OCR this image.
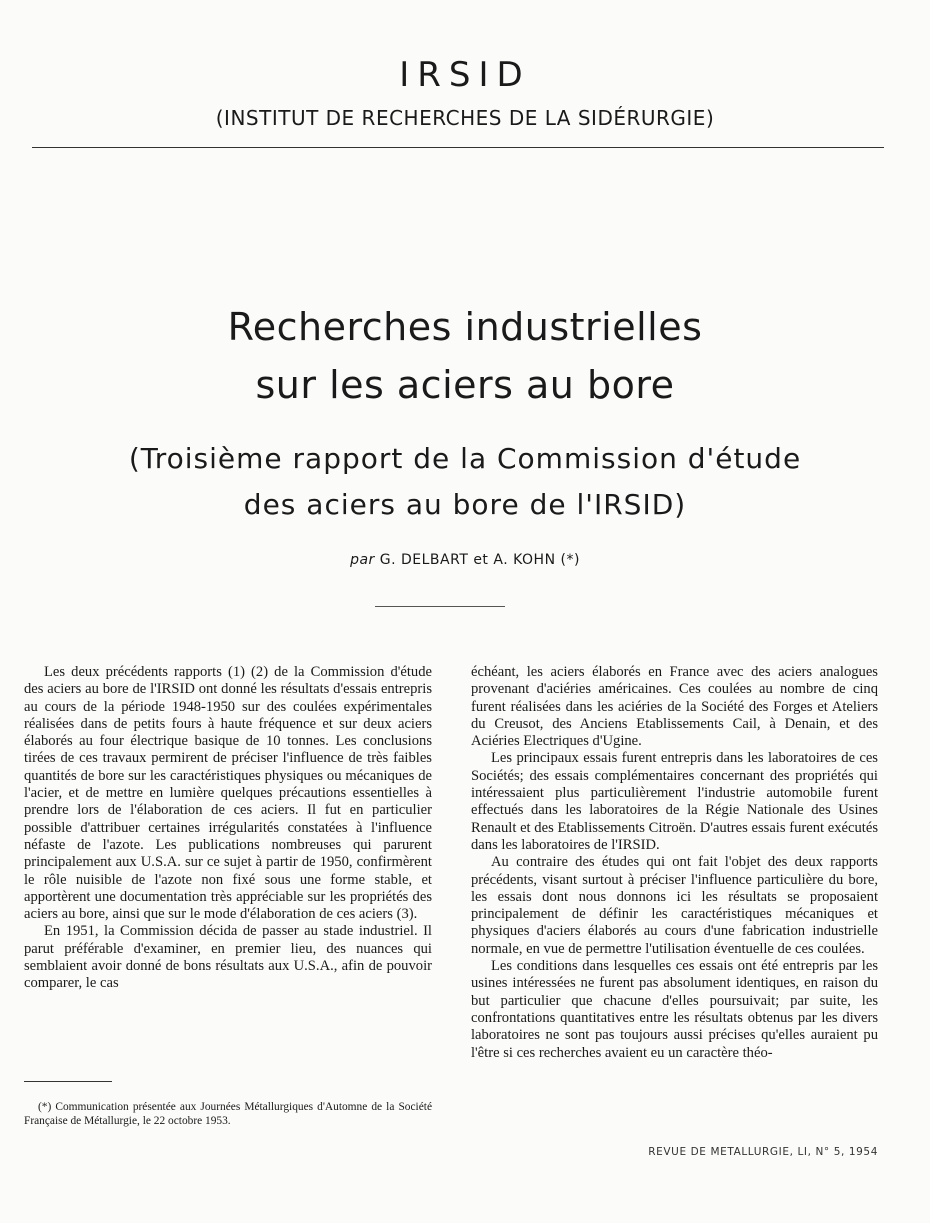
IRSID
(INSTITUT DE RECHERCHES DE LA SIDÉRURGIE)
Recherches industrielles
sur les aciers au bore
(Troisième rapport de la Commission d'étude
des aciers au bore de l'IRSID)
par G. DELBART et A. KOHN (*)

Les deux précédents rapports (1) (2) de la Commission d'étude des aciers au bore de l'IRSID ont donné les résultats d'essais entrepris au cours de la période 1948-1950 sur des coulées expérimentales réalisées dans de petits fours à haute fréquence et sur deux aciers élaborés au four électrique basique de 10 tonnes. Les conclusions tirées de ces travaux permirent de préciser l'influence de très faibles quantités de bore sur les caractéristiques physiques ou mécaniques de l'acier, et de mettre en lumière quelques précautions essentielles à prendre lors de l'élaboration de ces aciers. Il fut en particulier possible d'attribuer certaines irrégularités constatées à l'influence néfaste de l'azote. Les publications nombreuses qui parurent principalement aux U.S.A. sur ce sujet à partir de 1950, confirmèrent le rôle nuisible de l'azote non fixé sous une forme stable, et apportèrent une documentation très appréciable sur les propriétés des aciers au bore, ainsi que sur le mode d'élaboration de ces aciers (3).

En 1951, la Commission décida de passer au stade industriel. Il parut préférable d'examiner, en premier lieu, des nuances qui semblaient avoir donné de bons résultats aux U.S.A., afin de pouvoir comparer, le cas

échéant, les aciers élaborés en France avec des aciers analogues provenant d'aciéries américaines. Ces coulées au nombre de cinq furent réalisées dans les aciéries de la Société des Forges et Ateliers du Creusot, des Anciens Etablissements Cail, à Denain, et des Aciéries Electriques d'Ugine.

Les principaux essais furent entrepris dans les laboratoires de ces Sociétés; des essais complémentaires concernant des propriétés qui intéressaient plus particulièrement l'industrie automobile furent effectués dans les laboratoires de la Régie Nationale des Usines Renault et des Etablissements Citroën. D'autres essais furent exécutés dans les laboratoires de l'IRSID.

Au contraire des études qui ont fait l'objet des deux rapports précédents, visant surtout à préciser l'influence particulière du bore, les essais dont nous donnons ici les résultats se proposaient principalement de définir les caractéristiques mécaniques et physiques d'aciers élaborés au cours d'une fabrication industrielle normale, en vue de permettre l'utilisation éventuelle de ces coulées.

Les conditions dans lesquelles ces essais ont été entrepris par les usines intéressées ne furent pas absolument identiques, en raison du but particulier que chacune d'elles poursuivait; par suite, les confrontations quantitatives entre les résultats obtenus par les divers laboratoires ne sont pas toujours aussi précises qu'elles auraient pu l'être si ces recherches avaient eu un caractère théo-

(*) Communication présentée aux Journées Métallurgiques d'Automne de la Société Française de Métallurgie, le 22 octobre 1953.

REVUE DE METALLURGIE, LI, N° 5, 1954
